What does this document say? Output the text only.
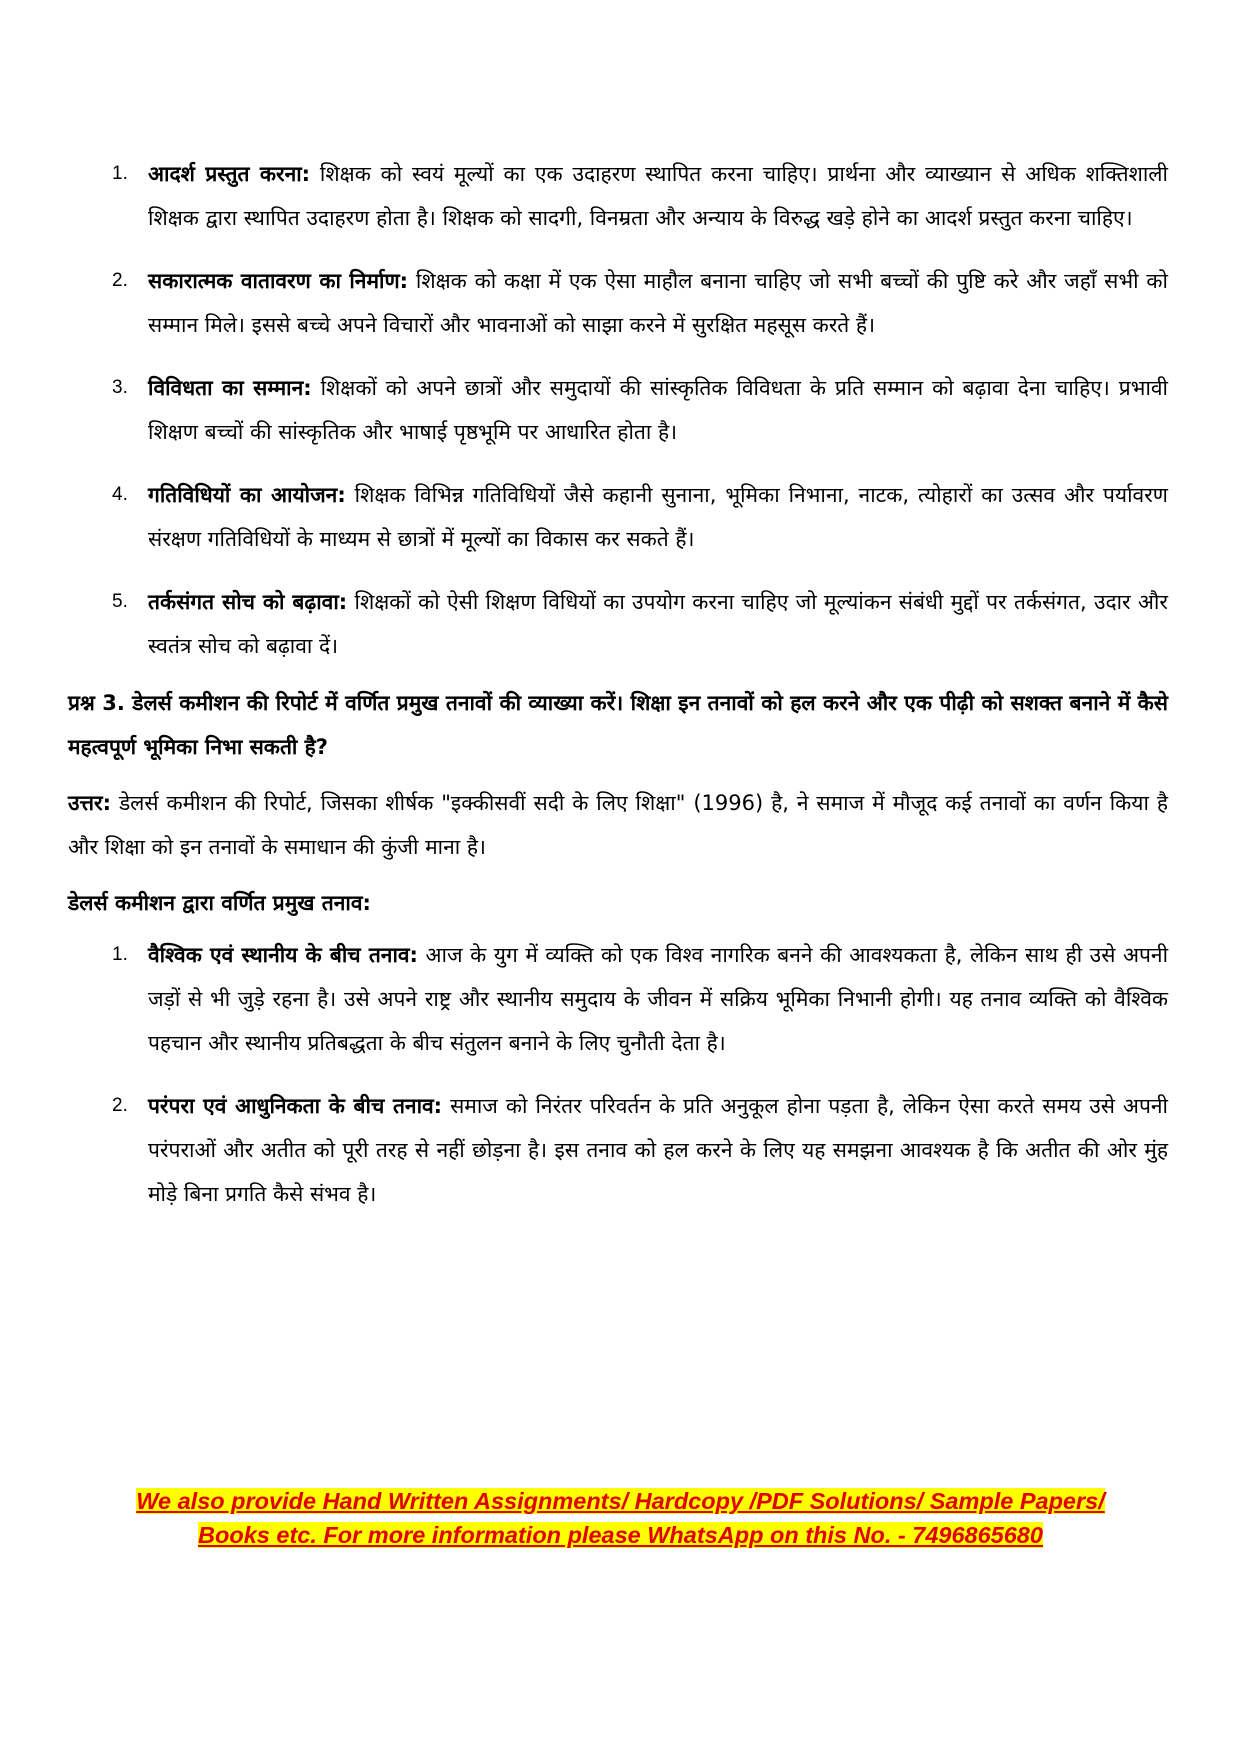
1. आदर्श प्रस्तुत करना: शिक्षक को स्वयं मूल्यों का एक उदाहरण स्थापित करना चाहिए। प्रार्थना और व्याख्यान से अधिक शक्तिशाली शिक्षक द्वारा स्थापित उदाहरण होता है। शिक्षक को सादगी, विनम्रता और अन्याय के विरुद्ध खड़े होने का आदर्श प्रस्तुत करना चाहिए।
2. सकारात्मक वातावरण का निर्माण: शिक्षक को कक्षा में एक ऐसा माहौल बनाना चाहिए जो सभी बच्चों की पुष्टि करे और जहाँ सभी को सम्मान मिले। इससे बच्चे अपने विचारों और भावनाओं को साझा करने में सुरक्षित महसूस करते हैं।
3. विविधता का सम्मान: शिक्षकों को अपने छात्रों और समुदायों की सांस्कृतिक विविधता के प्रति सम्मान को बढ़ावा देना चाहिए। प्रभावी शिक्षण बच्चों की सांस्कृतिक और भाषाई पृष्ठभूमि पर आधारित होता है।
4. गतिविधियों का आयोजन: शिक्षक विभिन्न गतिविधियों जैसे कहानी सुनाना, भूमिका निभाना, नाटक, त्योहारों का उत्सव और पर्यावरण संरक्षण गतिविधियों के माध्यम से छात्रों में मूल्यों का विकास कर सकते हैं।
5. तर्कसंगत सोच को बढ़ावा: शिक्षकों को ऐसी शिक्षण विधियों का उपयोग करना चाहिए जो मूल्यांकन संबंधी मुद्दों पर तर्कसंगत, उदार और स्वतंत्र सोच को बढ़ावा दें।
प्रश्न 3. डेलर्स कमीशन की रिपोर्ट में वर्णित प्रमुख तनावों की व्याख्या करें। शिक्षा इन तनावों को हल करने और एक पीढ़ी को सशक्त बनाने में कैसे महत्वपूर्ण भूमिका निभा सकती है?
उत्तर: डेलर्स कमीशन की रिपोर्ट, जिसका शीर्षक "इक्कीसवीं सदी के लिए शिक्षा" (1996) है, ने समाज में मौजूद कई तनावों का वर्णन किया है और शिक्षा को इन तनावों के समाधान की कुंजी माना है।
डेलर्स कमीशन द्वारा वर्णित प्रमुख तनाव:
1. वैश्विक एवं स्थानीय के बीच तनाव: आज के युग में व्यक्ति को एक विश्व नागरिक बनने की आवश्यकता है, लेकिन साथ ही उसे अपनी जड़ों से भी जुड़े रहना है। उसे अपने राष्ट्र और स्थानीय समुदाय के जीवन में सक्रिय भूमिका निभानी होगी। यह तनाव व्यक्ति को वैश्विक पहचान और स्थानीय प्रतिबद्धता के बीच संतुलन बनाने के लिए चुनौती देता है।
2. परंपरा एवं आधुनिकता के बीच तनाव: समाज को निरंतर परिवर्तन के प्रति अनुकूल होना पड़ता है, लेकिन ऐसा करते समय उसे अपनी परंपराओं और अतीत को पूरी तरह से नहीं छोड़ना है। इस तनाव को हल करने के लिए यह समझना आवश्यक है कि अतीत की ओर मुंह मोड़े बिना प्रगति कैसे संभव है।
We also provide Hand Written Assignments/ Hardcopy /PDF Solutions/ Sample Papers/
Books etc. For more information please WhatsApp on this No. - 7496865680
